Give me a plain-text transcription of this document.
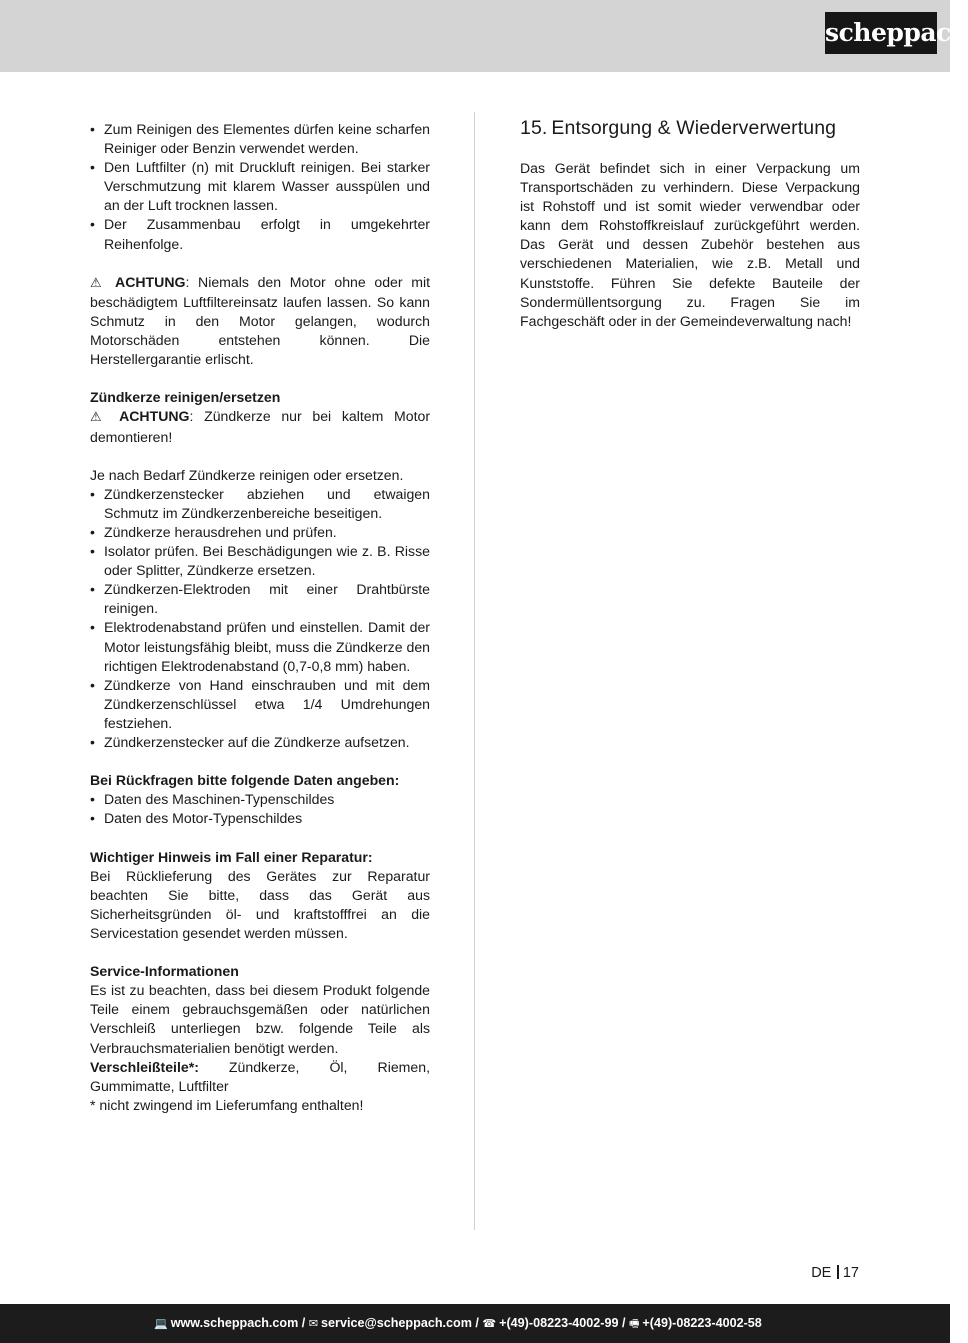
scheppach
• Zum Reinigen des Elementes dürfen keine scharfen Reiniger oder Benzin verwendet werden.
• Den Luftfilter (n) mit Druckluft reinigen. Bei starker Verschmutzung mit klarem Wasser ausspülen und an der Luft trocknen lassen.
• Der Zusammenbau erfolgt in umgekehrter Reihenfolge.

⚠ ACHTUNG: Niemals den Motor ohne oder mit beschädigtem Luftfiltereinsatz laufen lassen. So kann Schmutz in den Motor gelangen, wodurch Motorschäden entstehen können. Die Herstellergarantie erlischt.

Zündkerze reinigen/ersetzen

⚠ ACHTUNG: Zündkerze nur bei kaltem Motor demontieren!

Je nach Bedarf Zündkerze reinigen oder ersetzen.

• Zündkerzenstecker abziehen und etwaigen Schmutz im Zündkerzenbereiche beseitigen.
• Zündkerze herausdrehen und prüfen.
• Isolator prüfen. Bei Beschädigungen wie z. B. Risse oder Splitter, Zündkerze ersetzen.
• Zündkerzen-Elektroden mit einer Drahtbürste reinigen.
• Elektrodenabstand prüfen und einstellen. Damit der Motor leistungsfähig bleibt, muss die Zündkerze den richtigen Elektrodenabstand (0,7-0,8 mm) haben.
• Zündkerze von Hand einschrauben und mit dem Zündkerzenschlüssel etwa 1/4 Umdrehungen festziehen.
• Zündkerzenstecker auf die Zündkerze aufsetzen.

Bei Rückfragen bitte folgende Daten angeben:

• Daten des Maschinen-Typenschildes
• Daten des Motor-Typenschildes

Wichtiger Hinweis im Fall einer Reparatur:

Bei Rücklieferung des Gerätes zur Reparatur beachten Sie bitte, dass das Gerät aus Sicherheitsgründen öl- und kraftstofffrei an die Servicestation gesendet werden müssen.

Service-Informationen

Es ist zu beachten, dass bei diesem Produkt folgende Teile einem gebrauchsgemäßen oder natürlichen Verschleiß unterliegen bzw. folgende Teile als Verbrauchsmaterialien benötigt werden.

Verschleißteile*: Zündkerze, Öl, Riemen, Gummimatte, Luftfilter

* nicht zwingend im Lieferumfang enthalten!

15. Entsorgung & Wiederverwertung

Das Gerät befindet sich in einer Verpackung um Transportschäden zu verhindern. Diese Verpackung ist Rohstoff und ist somit wieder verwendbar oder kann dem Rohstoffkreislauf zurückgeführt werden. Das Gerät und dessen Zubehör bestehen aus verschiedenen Materialien, wie z.B. Metall und Kunststoffe. Führen Sie defekte Bauteile der Sondermüllentsorgung zu. Fragen Sie im Fachgeschäft oder in der Gemeindeverwaltung nach!

DE 17
💻 www.scheppach.com / ✉ service@scheppach.com / ☎ +(49)-08223-4002-99 / 🖷 +(49)-08223-4002-58
